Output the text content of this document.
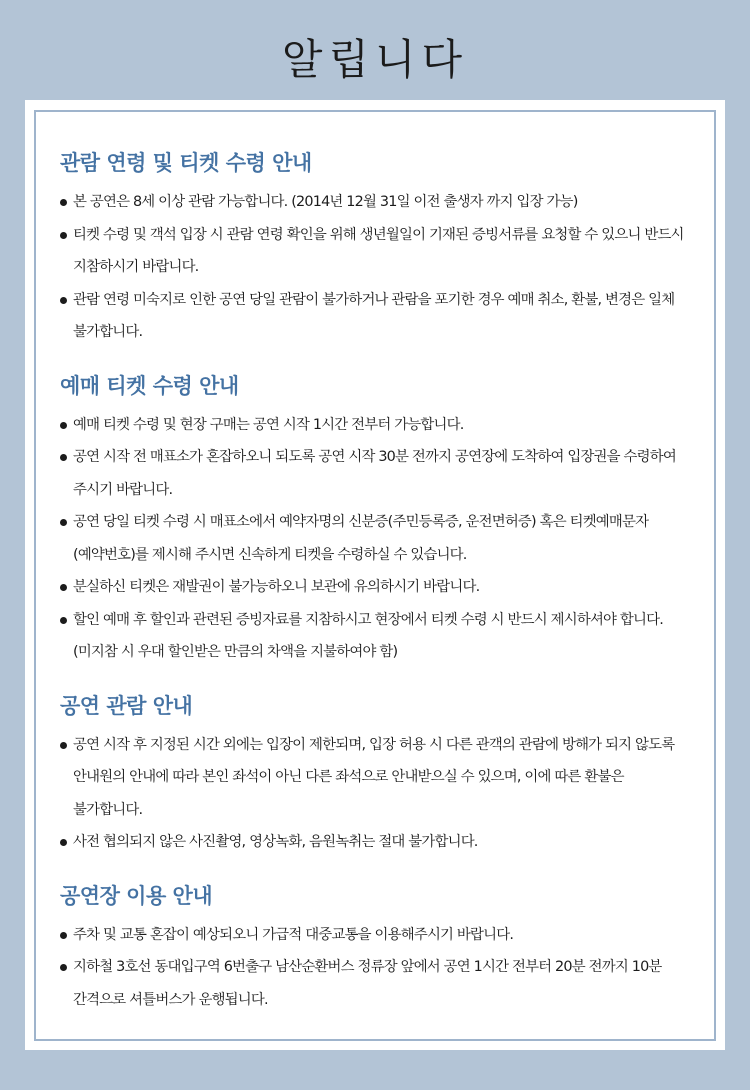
알립니다
관람 연령 및 티켓 수령 안내
본 공연은 8세 이상 관람 가능합니다. (2014년 12월 31일 이전 출생자 까지 입장 가능)
티켓 수령 및 객석 입장 시 관람 연령 확인을 위해 생년월일이 기재된 증빙서류를 요청할 수 있으니 반드시 지참하시기 바랍니다.
관람 연령 미숙지로 인한 공연 당일 관람이 불가하거나 관람을 포기한 경우 예매 취소, 환불, 변경은 일체 불가합니다.
예매 티켓 수령 안내
예매 티켓 수령 및 현장 구매는 공연 시작 1시간 전부터 가능합니다.
공연 시작 전 매표소가 혼잡하오니 되도록 공연 시작 30분 전까지 공연장에 도착하여 입장권을 수령하여 주시기 바랍니다.
공연 당일 티켓 수령 시 매표소에서 예약자명의 신분증(주민등록증, 운전면허증) 혹은 티켓예매문자(예약번호)를 제시해 주시면 신속하게 티켓을 수령하실 수 있습니다.
분실하신 티켓은 재발권이 불가능하오니 보관에 유의하시기 바랍니다.
할인 예매 후 할인과 관련된 증빙자료를 지참하시고 현장에서 티켓 수령 시 반드시 제시하셔야 합니다. (미지참 시 우대 할인받은 만큼의 차액을 지불하여야 함)
공연 관람 안내
공연 시작 후 지정된 시간 외에는 입장이 제한되며, 입장 허용 시 다른 관객의 관람에 방해가 되지 않도록 안내원의 안내에 따라 본인 좌석이 아닌 다른 좌석으로 안내받으실 수 있으며, 이에 따른 환불은 불가합니다.
사전 협의되지 않은 사진촬영, 영상녹화, 음원녹취는 절대 불가합니다.
공연장 이용 안내
주차 및 교통 혼잡이 예상되오니 가급적 대중교통을 이용해주시기 바랍니다.
지하철 3호선 동대입구역 6번출구 남산순환버스 정류장 앞에서 공연 1시간 전부터 20분 전까지 10분 간격으로 셔틀버스가 운행됩니다.
